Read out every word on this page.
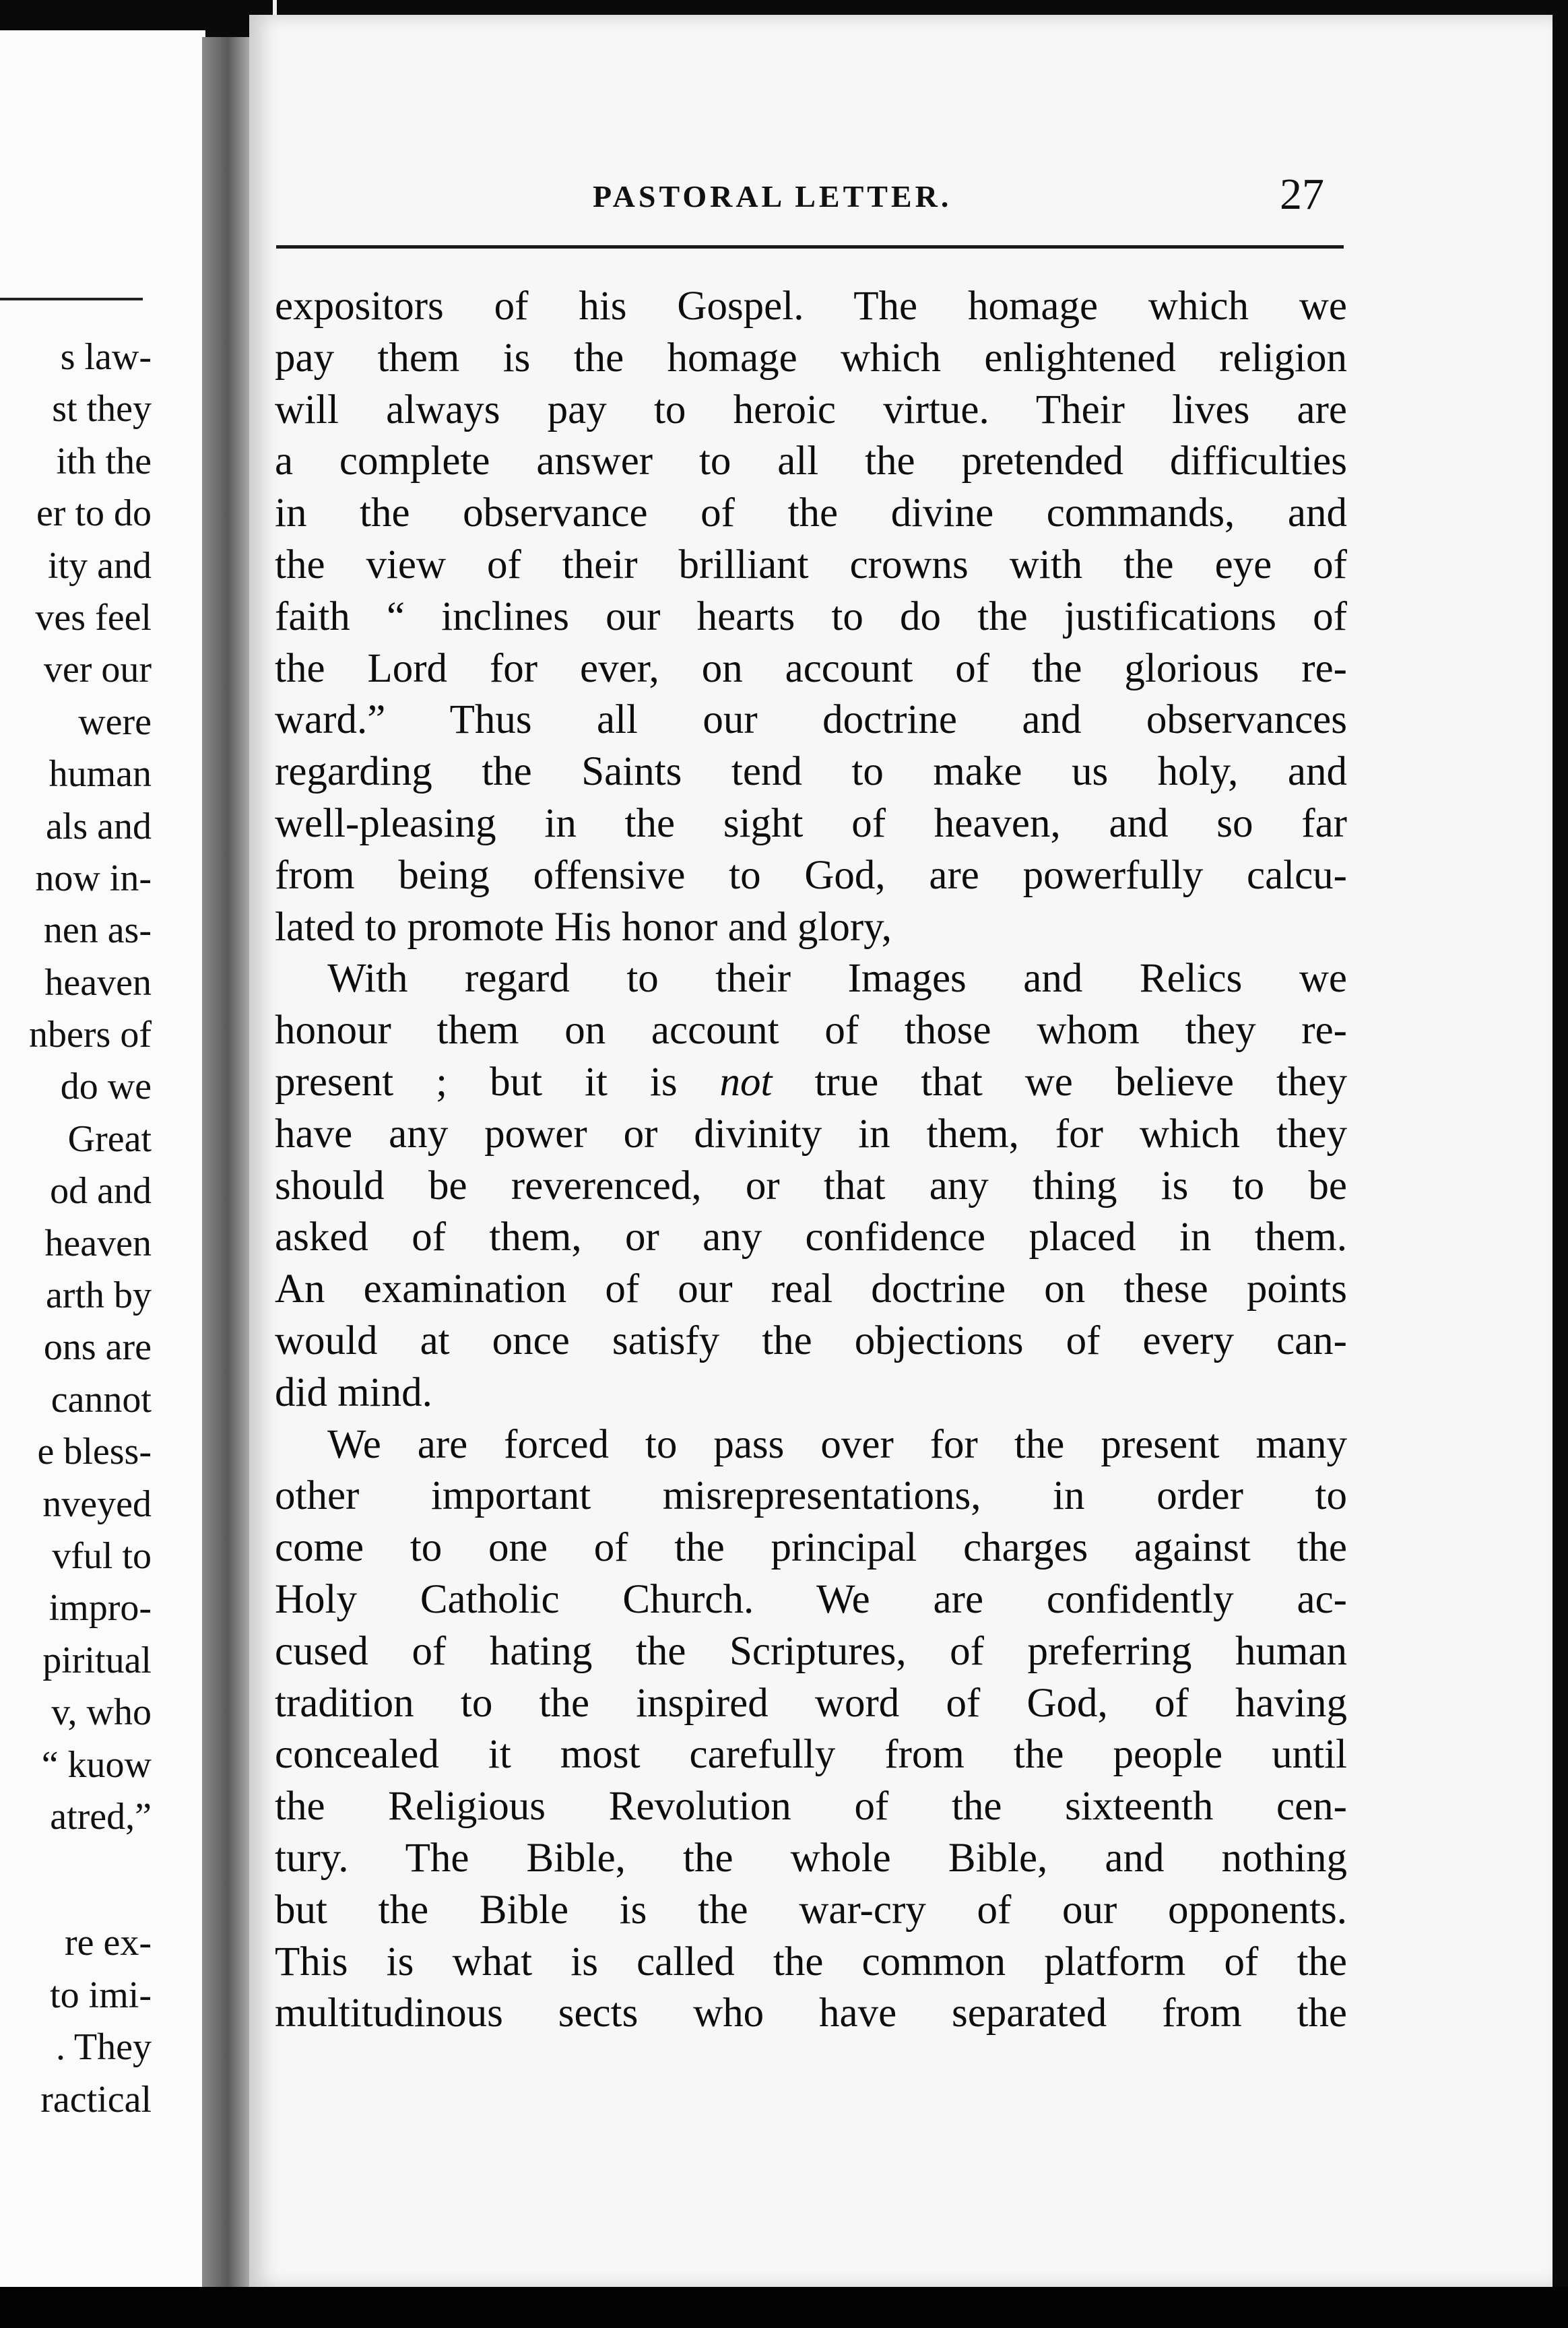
s law-
st they
ith the
er to do
ity and
ves feel
ver our
were
human
als and
now in-
nen as-
heaven
nbers of
do we
Great
od and
heaven
arth by
ons are
cannot
e bless-
nveyed
vful to
impro-
piritual
v, who
“ kuow
atred,”
re ex-
to imi-
. They
ractical
PASTORAL LETTER.	27
expositors of his Gospel. The homage which we
pay them is the homage which enlightened religion
will always pay to heroic virtue. Their lives are
a complete answer to all the pretended difficulties
in the observance of the divine commands, and
the view of their brilliant crowns with the eye of
faith “ inclines our hearts to do the justifications of
the Lord for ever, on account of the glorious re-
ward.” Thus all our doctrine and observances
regarding the Saints tend to make us holy, and
well-pleasing in the sight of heaven, and so far
from being offensive to God, are powerfully calcu-
lated to promote His honor and glory,
With regard to their Images and Relics we
honour them on account of those whom they re-
present ; but it is not true that we believe they
have any power or divinity in them, for which they
should be reverenced, or that any thing is to be
asked of them, or any confidence placed in them.
An examination of our real doctrine on these points
would at once satisfy the objections of every can-
did mind.
We are forced to pass over for the present many
other important misrepresentations, in order to
come to one of the principal charges against the
Holy Catholic Church. We are confidently ac-
cused of hating the Scriptures, of preferring human
tradition to the inspired word of God, of having
concealed it most carefully from the people until
the Religious Revolution of the sixteenth cen-
tury. The Bible, the whole Bible, and nothing
but the Bible is the war-cry of our opponents.
This is what is called the common platform of the
multitudinous sects who have separated from the
